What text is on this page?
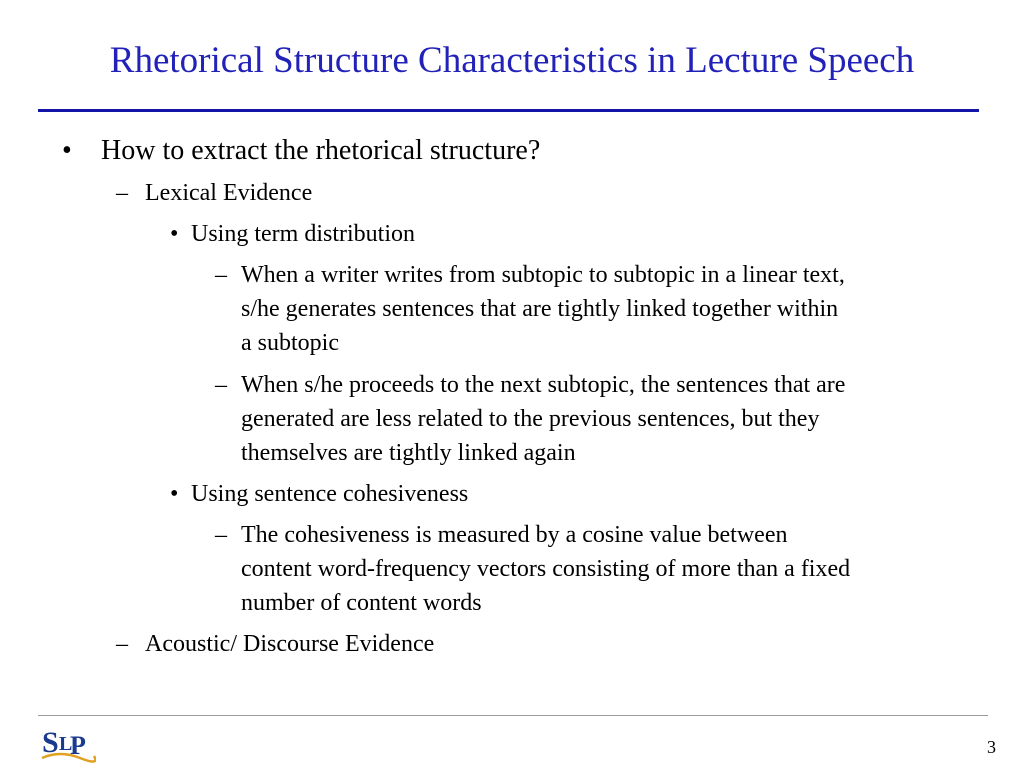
Rhetorical Structure Characteristics in Lecture Speech
• How to extract the rhetorical structure?
– Lexical Evidence
• Using term distribution
– When a writer writes from subtopic to subtopic in a linear text,
s/he generates sentences that are tightly linked together within
a subtopic
– When s/he proceeds to the next subtopic, the sentences that are
generated are less related to the previous sentences, but they
themselves are tightly linked again
• Using sentence cohesiveness
– The cohesiveness is measured by a cosine value between
content word-frequency vectors consisting of more than a fixed
number of content words
– Acoustic/ Discourse Evidence
S L
P	3
